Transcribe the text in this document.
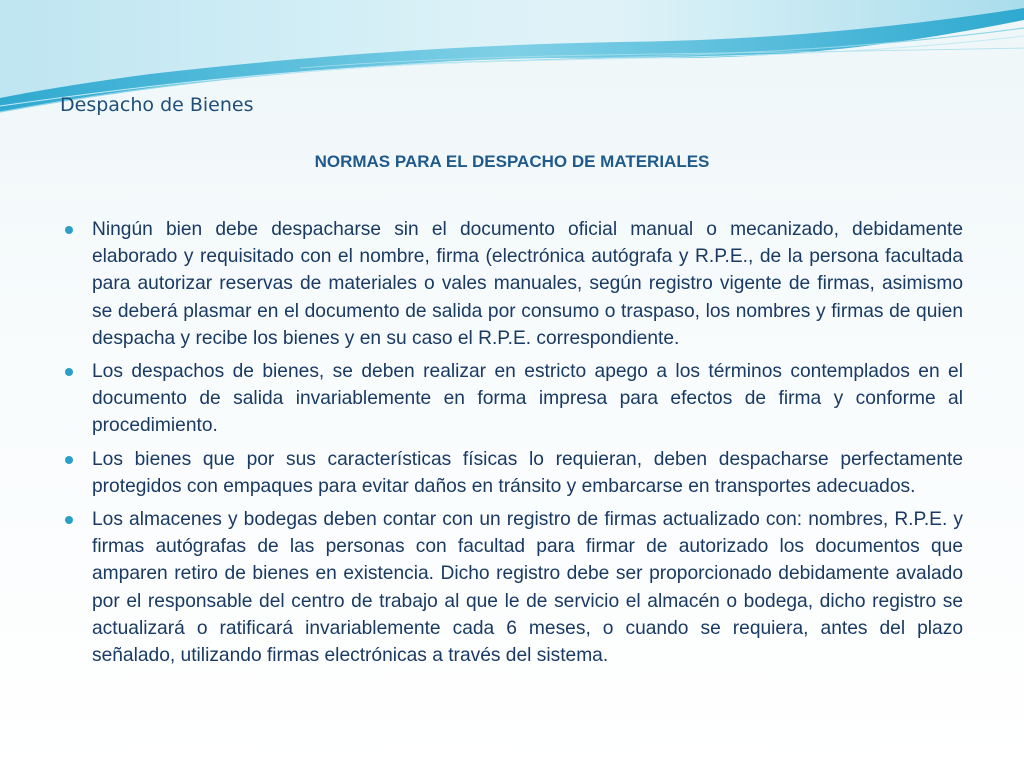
Despacho de Bienes
NORMAS PARA EL DESPACHO DE MATERIALES
Ningún bien debe despacharse sin el documento oficial manual o mecanizado, debidamente elaborado y requisitado con el nombre, firma (electrónica autógrafa y R.P.E., de la persona facultada para autorizar reservas de materiales o vales manuales, según registro vigente de firmas, asimismo se deberá plasmar en el documento de salida por consumo o traspaso, los nombres y firmas de quien despacha y recibe los bienes y en su caso el R.P.E. correspondiente.
Los despachos de bienes, se deben realizar en estricto apego a los términos contemplados en el documento de salida invariablemente en forma impresa para efectos de firma y conforme al procedimiento.
Los bienes que por sus características físicas lo requieran, deben despacharse perfectamente protegidos con empaques para evitar daños en tránsito y embarcarse en transportes adecuados.
Los almacenes y bodegas deben contar con un registro de firmas actualizado con: nombres, R.P.E. y firmas autógrafas de las personas con facultad para firmar de autorizado los documentos que amparen retiro de bienes en existencia. Dicho registro debe ser proporcionado debidamente avalado por el responsable del centro de trabajo al que le de servicio el almacén o bodega, dicho registro se actualizará o ratificará invariablemente cada 6 meses, o cuando se requiera, antes del plazo señalado, utilizando firmas electrónicas a través del sistema.
